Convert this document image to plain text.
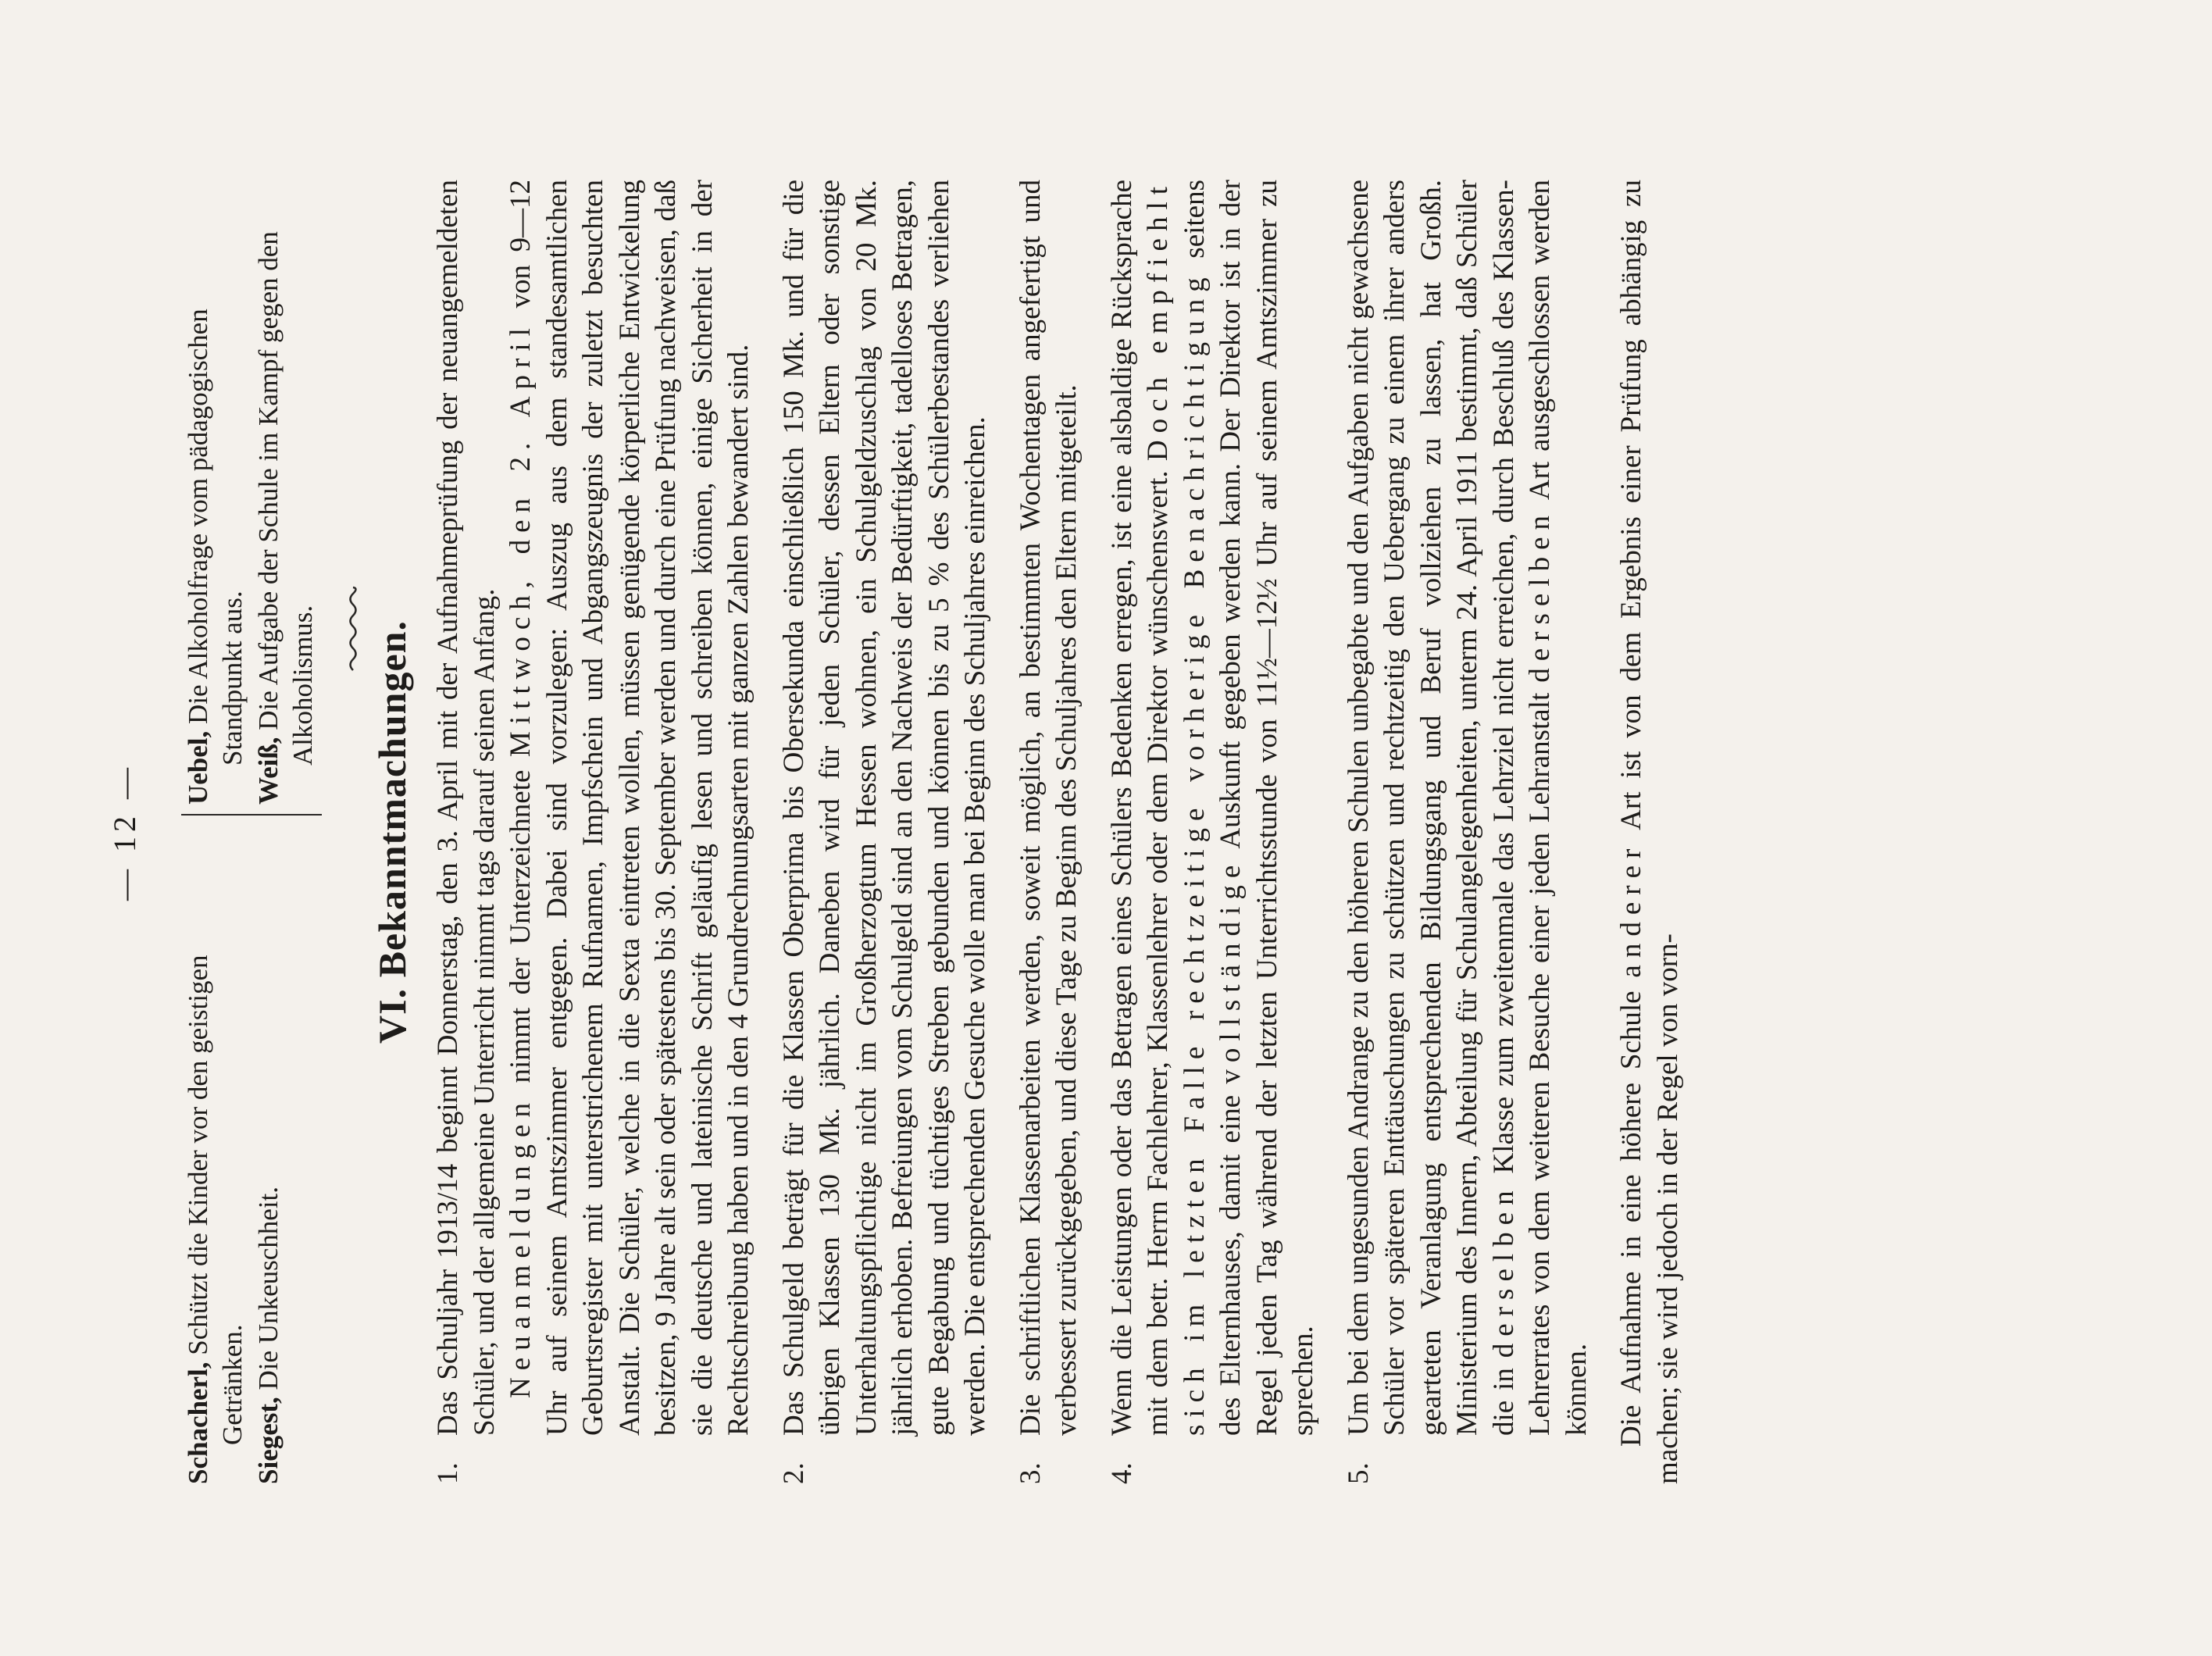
— 12 —

Schacherl, Schützt die Kinder vor den geistigen Getränken. Siegest, Die Unkeuschheit.

Uebel, Die Alkoholfrage vom pädagogischen Standpunkt aus.

Weiß, Die Aufgabe der Schule im Kampf gegen den Alkoholismus. VI. Bekanntmachungen.
1.

Das Schuljahr 1913/14 beginnt Donnerstag, den 3. April mit der Aufnahmeprüfung der neuangemeldeten Schüler, und der allgemeine Unterricht nimmt tags darauf seinen Anfang. Neuanmeldungen nimmt der Unterzeichnete Mittwoch, den 2. April von 9—12 Uhr auf seinem Amtszimmer entgegen. Dabei sind vorzulegen: Auszug aus dem standesamtlichen Geburtsregister mit unterstrichenem Rufnamen, Impfschein und Abgangszeugnis der zuletzt besuchten Anstalt. Die Schüler, welche in die Sexta eintreten wollen, müssen genügende körperliche Entwickelung besitzen, 9 Jahre alt sein oder spätestens bis 30. September werden und durch eine Prüfung nachweisen, daß sie die deutsche und lateinische Schrift geläufig lesen und schreiben können, einige Sicherheit in der Rechtschreibung haben und in den 4 Grundrechnungsarten mit ganzen Zahlen bewandert sind.

2.

Das Schulgeld beträgt für die Klassen Oberprima bis Obersekunda einschließlich 150 Mk. und für die übrigen Klassen 130 Mk. jährlich. Daneben wird für jeden Schüler, dessen Eltern oder sonstige Unterhaltungspflichtige nicht im Großherzogtum Hessen wohnen, ein Schulgeldzuschlag von 20 Mk. jährlich erhoben. Befreiungen vom Schulgeld sind an den Nachweis der Bedürftigkeit, tadelloses Betragen, gute Begabung und tüchtiges Streben gebunden und können bis zu 5 % des Schülerbestandes verliehen werden. Die entsprechenden Gesuche wolle man bei Beginn des Schuljahres einreichen.

3.

Die schriftlichen Klassenarbeiten werden, soweit möglich, an bestimmten Wochentagen angefertigt und verbessert zurückgegeben, und diese Tage zu Beginn des Schuljahres den Eltern mitgeteilt.

4.

Wenn die Leistungen oder das Betragen eines Schülers Bedenken erregen, ist eine alsbaldige Rücksprache mit dem betr. Herrn Fachlehrer, Klassenlehrer oder dem Direktor wünschenswert. Doch empfiehlt sich im letzten Falle rechtzeitige vorherige Benachrichtigung seitens des Elternhauses, damit eine vollständige Auskunft gegeben werden kann. Der Direktor ist in der Regel jeden Tag während der letzten Unterrichtsstunde von 11½—12½ Uhr auf seinem Amtszimmer zu sprechen.

5.

Um bei dem ungesunden Andrange zu den höheren Schulen unbegabte und den Aufgaben nicht gewachsene Schüler vor späteren Enttäuschungen zu schützen und rechtzeitig den Uebergang zu einem ihrer anders gearteten Veranlagung entsprechenden Bildungsgang und Beruf vollziehen zu lassen, hat Großh. Ministerium des Innern, Abteilung für Schulangelegenheiten, unterm 24. April 1911 bestimmt, daß Schüler die in derselben Klasse zum zweitenmale das Lehrziel nicht erreichen, durch Beschluß des Klassen-Lehrerrates von dem weiteren Besuche einer jeden Lehranstalt derselben Art ausgeschlossen werden können. Die Aufnahme in eine höhere Schule anderer Art ist von dem Ergebnis einer Prüfung abhängig zu machen; sie wird jedoch in der Regel von vorn-
